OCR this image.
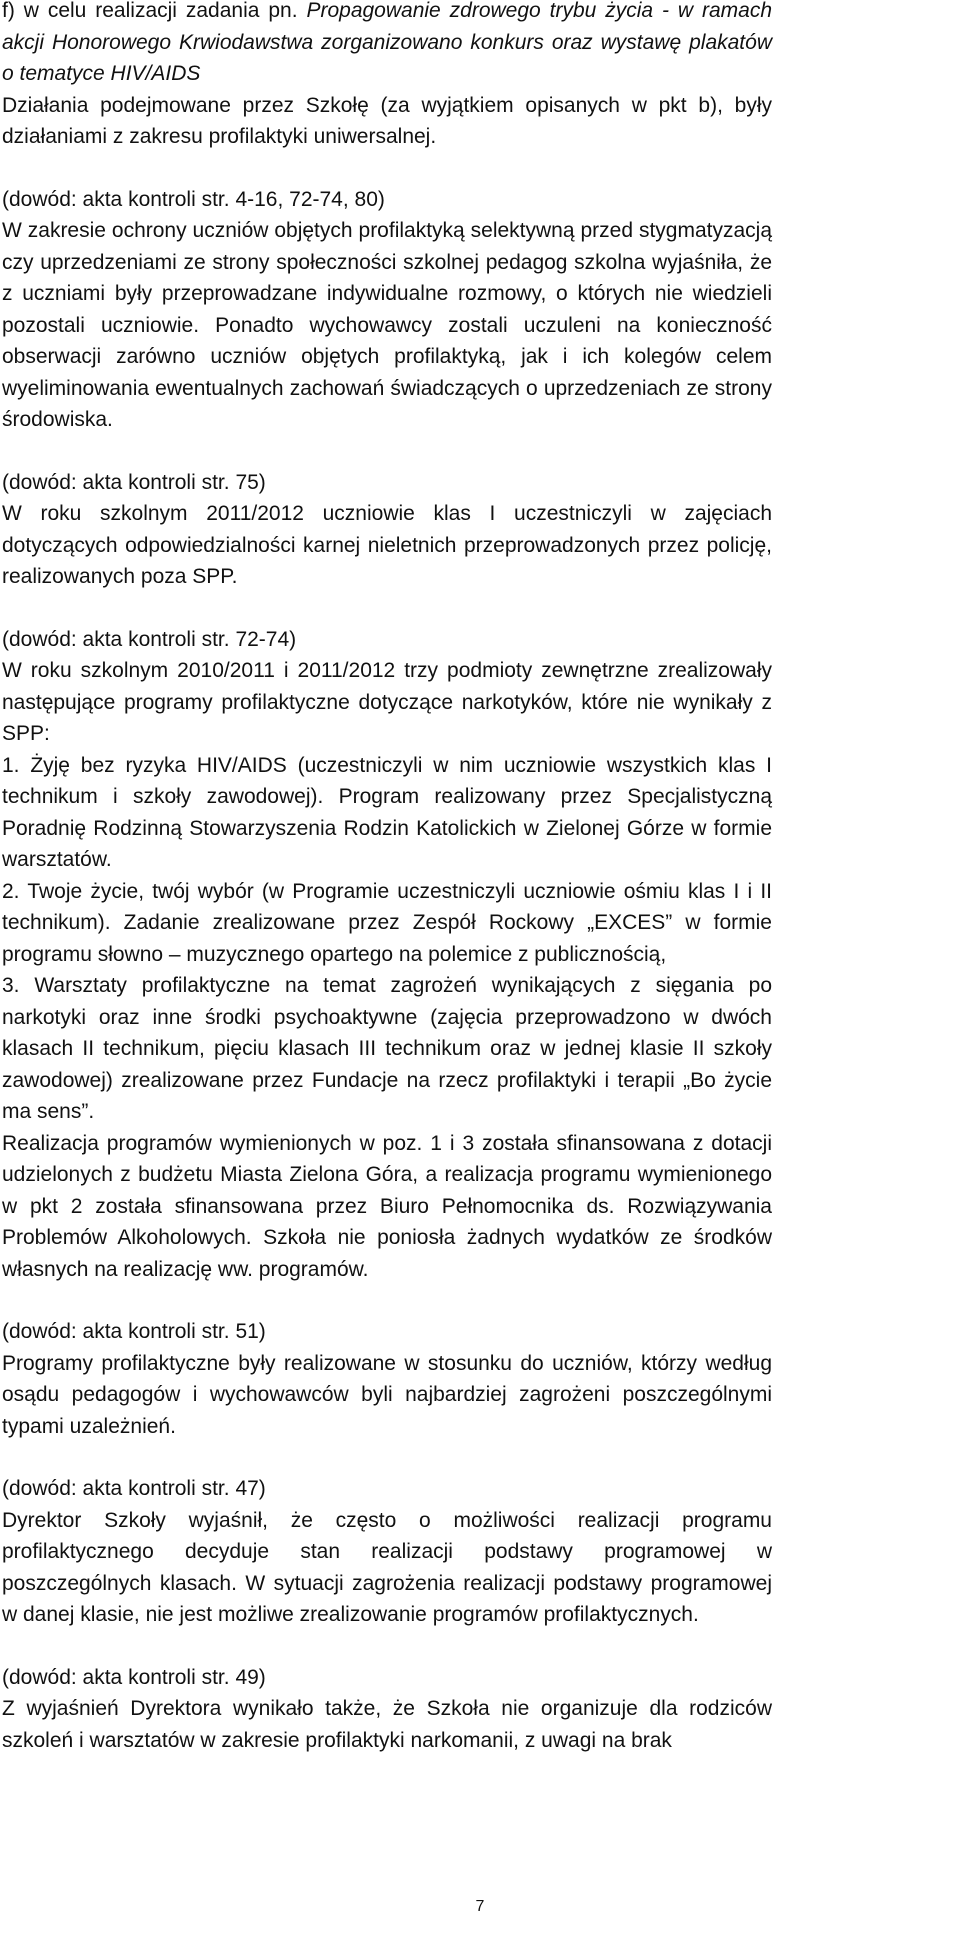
f) w celu realizacji zadania pn. Propagowanie zdrowego trybu życia - w ramach akcji Honorowego Krwiodawstwa zorganizowano konkurs oraz wystawę plakatów o tematyce HIV/AIDS

Działania podejmowane przez Szkołę (za wyjątkiem opisanych w pkt b), były działaniami z zakresu profilaktyki uniwersalnej.

(dowód: akta kontroli str. 4-16, 72-74, 80)

W zakresie ochrony uczniów objętych profilaktyką selektywną przed stygmatyzacją czy uprzedzeniami ze strony społeczności szkolnej pedagog szkolna wyjaśniła, że z uczniami były przeprowadzane indywidualne rozmowy, o których nie wiedzieli pozostali uczniowie. Ponadto wychowawcy zostali uczuleni na konieczność obserwacji zarówno uczniów objętych profilaktyką, jak i ich kolegów celem wyeliminowania ewentualnych zachowań świadczących o uprzedzeniach ze strony środowiska.

(dowód: akta kontroli str. 75)

W roku szkolnym 2011/2012 uczniowie klas I uczestniczyli w zajęciach dotyczących odpowiedzialności karnej nieletnich przeprowadzonych przez policję, realizowanych poza SPP.

(dowód: akta kontroli str. 72-74)

W roku szkolnym 2010/2011 i 2011/2012 trzy podmioty zewnętrzne zrealizowały następujące programy profilaktyczne dotyczące narkotyków, które nie wynikały z SPP:

1. Żyję bez ryzyka HIV/AIDS (uczestniczyli w nim uczniowie wszystkich klas I technikum i szkoły zawodowej). Program realizowany przez Specjalistyczną Poradnię Rodzinną Stowarzyszenia Rodzin Katolickich w Zielonej Górze w formie warsztatów.

2. Twoje życie, twój wybór (w Programie uczestniczyli uczniowie ośmiu klas I i II technikum). Zadanie zrealizowane przez Zespół Rockowy „EXCES” w formie programu słowno – muzycznego opartego na polemice z publicznością,

3. Warsztaty profilaktyczne na temat zagrożeń wynikających z sięgania po narkotyki oraz inne środki psychoaktywne (zajęcia przeprowadzono w dwóch klasach II technikum, pięciu klasach III technikum oraz w jednej klasie II szkoły zawodowej) zrealizowane przez Fundacje na rzecz profilaktyki i terapii „Bo życie ma sens”.

Realizacja programów wymienionych w poz. 1 i 3 została sfinansowana z dotacji udzielonych z budżetu Miasta Zielona Góra, a realizacja programu wymienionego w pkt 2 została sfinansowana przez Biuro Pełnomocnika ds. Rozwiązywania Problemów Alkoholowych. Szkoła nie poniosła żadnych wydatków ze środków własnych na realizację ww. programów.

(dowód: akta kontroli str. 51)

Programy profilaktyczne były realizowane w stosunku do uczniów, którzy według osądu pedagogów i wychowawców byli najbardziej zagrożeni poszczególnymi typami uzależnień.

(dowód: akta kontroli str. 47)

Dyrektor Szkoły wyjaśnił, że często o możliwości realizacji programu profilaktycznego decyduje stan realizacji podstawy programowej w poszczególnych klasach. W sytuacji zagrożenia realizacji podstawy programowej w danej klasie, nie jest możliwe zrealizowanie programów profilaktycznych.

(dowód: akta kontroli str. 49)

Z wyjaśnień Dyrektora wynikało także, że Szkoła nie organizuje dla rodziców szkoleń i warsztatów w zakresie profilaktyki narkomanii, z uwagi na brak

7
